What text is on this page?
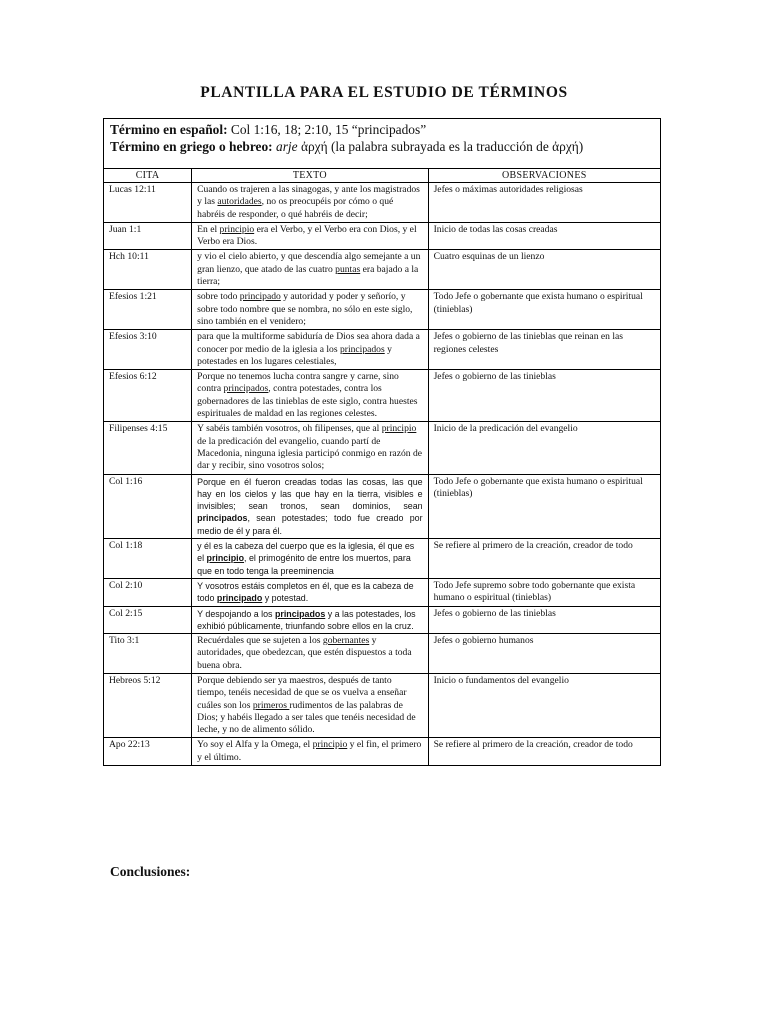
PLANTILLA PARA EL ESTUDIO DE TÉRMINOS
Término en español: Col 1:16, 18; 2:10, 15 “principados”
Término en griego o hebreo: arje ἀρχή (la palabra subrayada es la traducción de ἀρχή)
CITA	TEXTO	OBSERVACIONES
Lucas 12:11	Cuando os trajeren a las sinagogas, y ante los magistrados y las autoridades, no os preocupéis por cómo o qué habréis de responder, o qué habréis de decir;	Jefes o máximas autoridades religiosas
Juan 1:1	En el principio era el Verbo, y el Verbo era con Dios, y el Verbo era Dios.	Inicio de todas las cosas creadas
Hch 10:11	y vio el cielo abierto, y que descendía algo semejante a un gran lienzo, que atado de las cuatro puntas era bajado a la tierra;	Cuatro esquinas de un lienzo
Efesios 1:21	sobre todo principado y autoridad y poder y señorío, y sobre todo nombre que se nombra, no sólo en este siglo, sino también en el venidero;	Todo Jefe o gobernante que exista humano o espiritual (tinieblas)
Efesios 3:10	para que la multiforme sabiduría de Dios sea ahora dada a conocer por medio de la iglesia a los principados y potestades en los lugares celestiales,	Jefes o gobierno de las tinieblas que reinan en las regiones celestes
Efesios 6:12	Porque no tenemos lucha contra sangre y carne, sino contra principados, contra potestades, contra los gobernadores de las tinieblas de este siglo, contra huestes espirituales de maldad en las regiones celestes.	Jefes o gobierno de las tinieblas
Filipenses 4:15	Y sabéis también vosotros, oh filipenses, que al principio de la predicación del evangelio, cuando partí de Macedonia, ninguna iglesia participó conmigo en razón de dar y recibir, sino vosotros solos;	Inicio de la predicación del evangelio
Col 1:16	Porque en él fueron creadas todas las cosas, las que hay en los cielos y las que hay en la tierra, visibles e invisibles; sean tronos, sean dominios, sean principados, sean potestades; todo fue creado por medio de él y para él.	Todo Jefe o gobernante que exista humano o espiritual (tinieblas)
Col 1:18	y él es la cabeza del cuerpo que es la iglesia, él que es el principio, el primogénito de entre los muertos, para que en todo tenga la preeminencia	Se refiere al primero de la creación, creador de todo
Col 2:10	Y vosotros estáis completos en él, que es la cabeza de todo principado y potestad.	Todo Jefe supremo sobre todo gobernante que exista humano o espiritual (tinieblas)
Col 2:15	Y despojando a los principados y a las potestades, los exhibió públicamente, triunfando sobre ellos en la cruz.	Jefes o gobierno de las tinieblas
Tito 3:1	Recuérdales que se sujeten a los gobernantes y autoridades, que obedezcan, que estén dispuestos a toda buena obra.	Jefes o gobierno humanos
Hebreos 5:12	Porque debiendo ser ya maestros, después de tanto tiempo, tenéis necesidad de que se os vuelva a enseñar cuáles son los primeros rudimentos de las palabras de Dios; y habéis llegado a ser tales que tenéis necesidad de leche, y no de alimento sólido.	Inicio o fundamentos del evangelio
Apo 22:13	Yo soy el Alfa y la Omega, el principio y el fin, el primero y el último.	Se refiere al primero de la creación, creador de todo
Conclusiones:
